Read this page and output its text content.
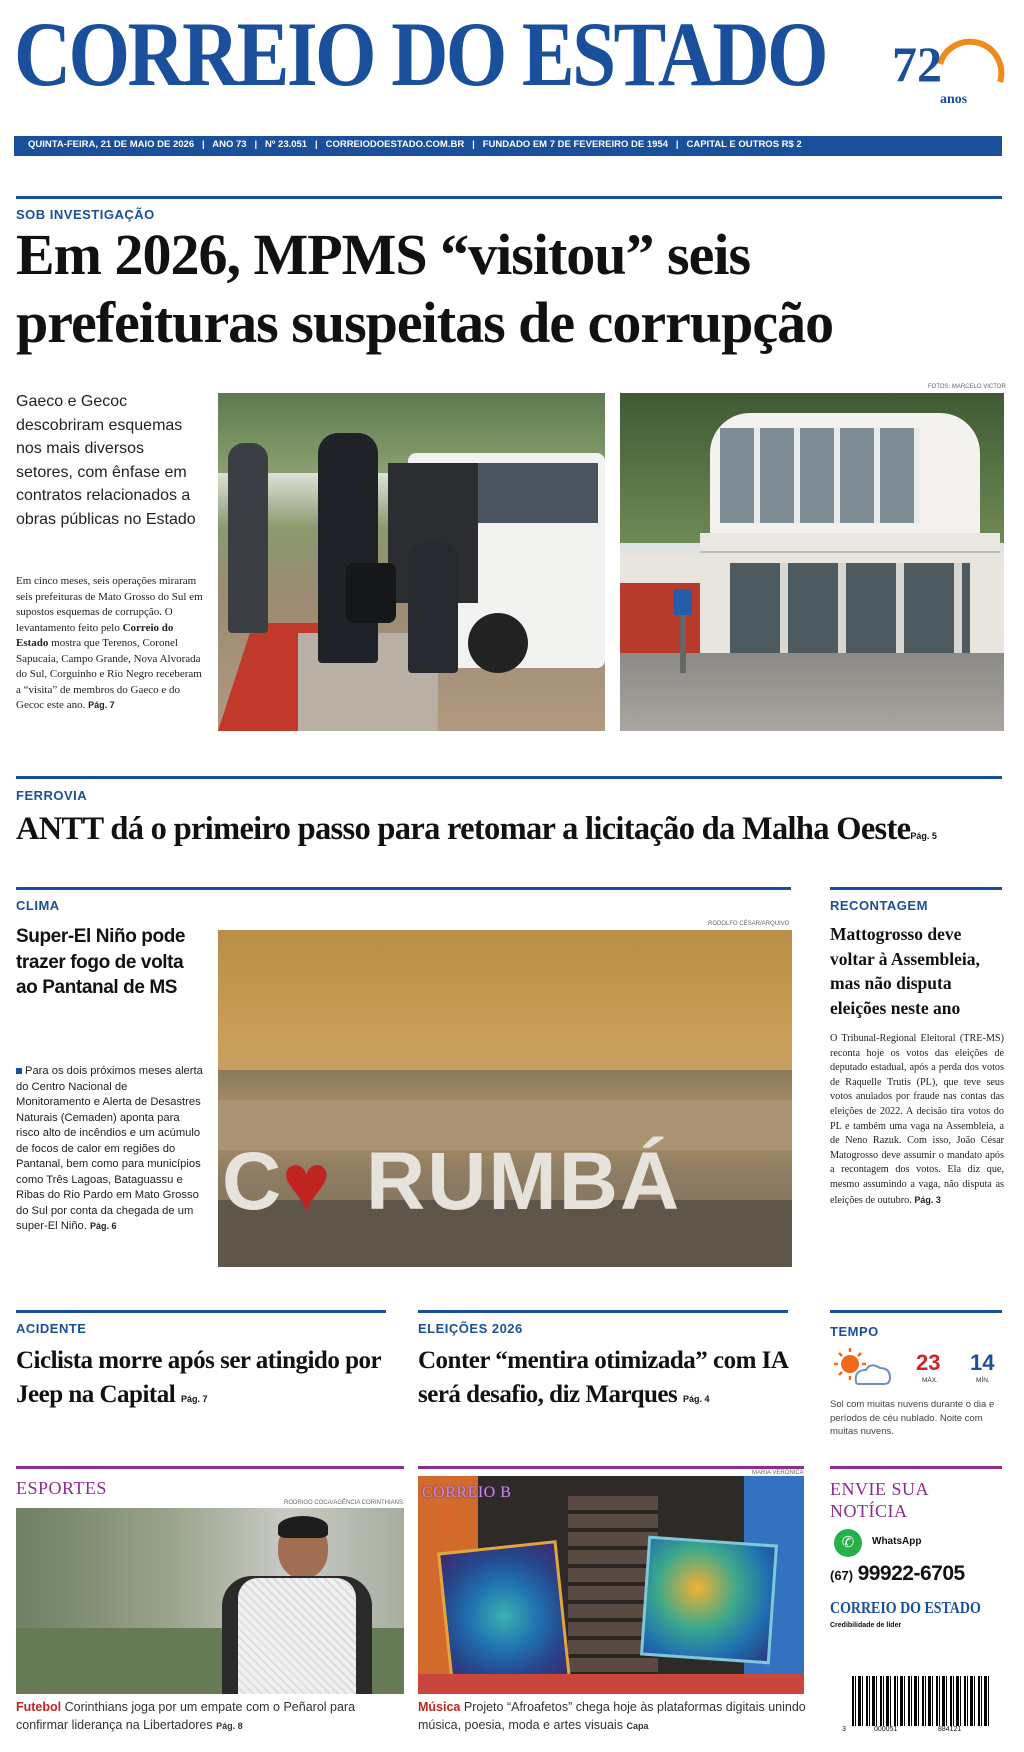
CORREIO DO ESTADO 72
anos
QUINTA-FEIRA, 21 DE MAIO DE 2026   |   ANO 73   |   Nº 23.051   |   CORREIODOESTADO.COM.BR   |   FUNDADO EM 7 DE FEVEREIRO DE 1954   |   CAPITAL E OUTROS R$ 2
SOB INVESTIGAÇÃO
Em 2026, MPMS “visitou” seis
prefeituras suspeitas de corrupção
Gaeco e Gecoc descobriram esquemas nos mais diversos setores, com ênfase em contratos relacionados a obras públicas no Estado
Em cinco meses, seis operações miraram seis prefeituras de Mato Grosso do Sul em supostos esquemas de corrupção. O levantamento feito pelo Correio do Estado mostra que Terenos, Coronel Sapucaia, Campo Grande, Nova Alvorada do Sul, Corguinho e Rio Negro receberam a “visita” de membros do Gaeco e do Gecoc este ano. Pág. 7
FOTOS: MARCELO VICTOR
FERROVIA
ANTT dá o primeiro passo para retomar a licitação da Malha OestePág. 5
CLIMA
Super-El Niño pode trazer fogo de volta ao Pantanal de MS
Para os dois próximos meses alerta do Centro Nacional de Monitoramento e Alerta de Desastres Naturais (Cemaden) aponta para risco alto de incêndios e um acúmulo de focos de calor em regiões do Pantanal, bem como para municípios como Três Lagoas, Bataguassu e Ribas do Rio Pardo em Mato Grosso do Sul por conta da chegada de um super-El Niño. Pág. 6
RODOLFO CÉSAR/ARQUIVO
C ♥ RUMBÁ
RECONTAGEM
Mattogrosso deve voltar à Assembleia, mas não disputa eleições neste ano
O Tribunal-Regional Eleitoral (TRE-MS) reconta hoje os votos das eleições de deputado estadual, após a perda dos votos de Raquelle Trutis (PL), que teve seus votos anulados por fraude nas contas das eleições de 2022. A decisão tira votos do PL e também uma vaga na Assembleia, a de Neno Razuk. Com isso, João César Matogrosso deve assumir o mandato após a recontagem dos votos. Ela diz que, mesmo assumindo a vaga, não disputa as eleições de outubro. Pág. 3
ACIDENTE
Ciclista morre após ser atingido por Jeep na Capital Pág. 7
ELEIÇÕES 2026
Conter “mentira otimizada” com IA será desafio, diz Marques Pág. 4
TEMPO
23
MÁX.
14
MÍN.
Sol com muitas nuvens durante o dia e períodos de céu nublado. Noite com muitas nuvens.
ESPORTES
RODRIGO COCA/AGÊNCIA CORINTHIANS
Futebol Corinthians joga por um empate com o Peñarol para confirmar liderança na Libertadores Pág. 8
MARIA VERÔNICA
CORREIO B
Música Projeto “Afroafetos” chega hoje às plataformas digitais unindo música, poesia, moda e artes visuais Capa
ENVIE SUA NOTÍCIA
✆	WhatsApp
(67) 99922-6705
CORREIO DO ESTADO
Credibilidade de líder
3	000051	884121
